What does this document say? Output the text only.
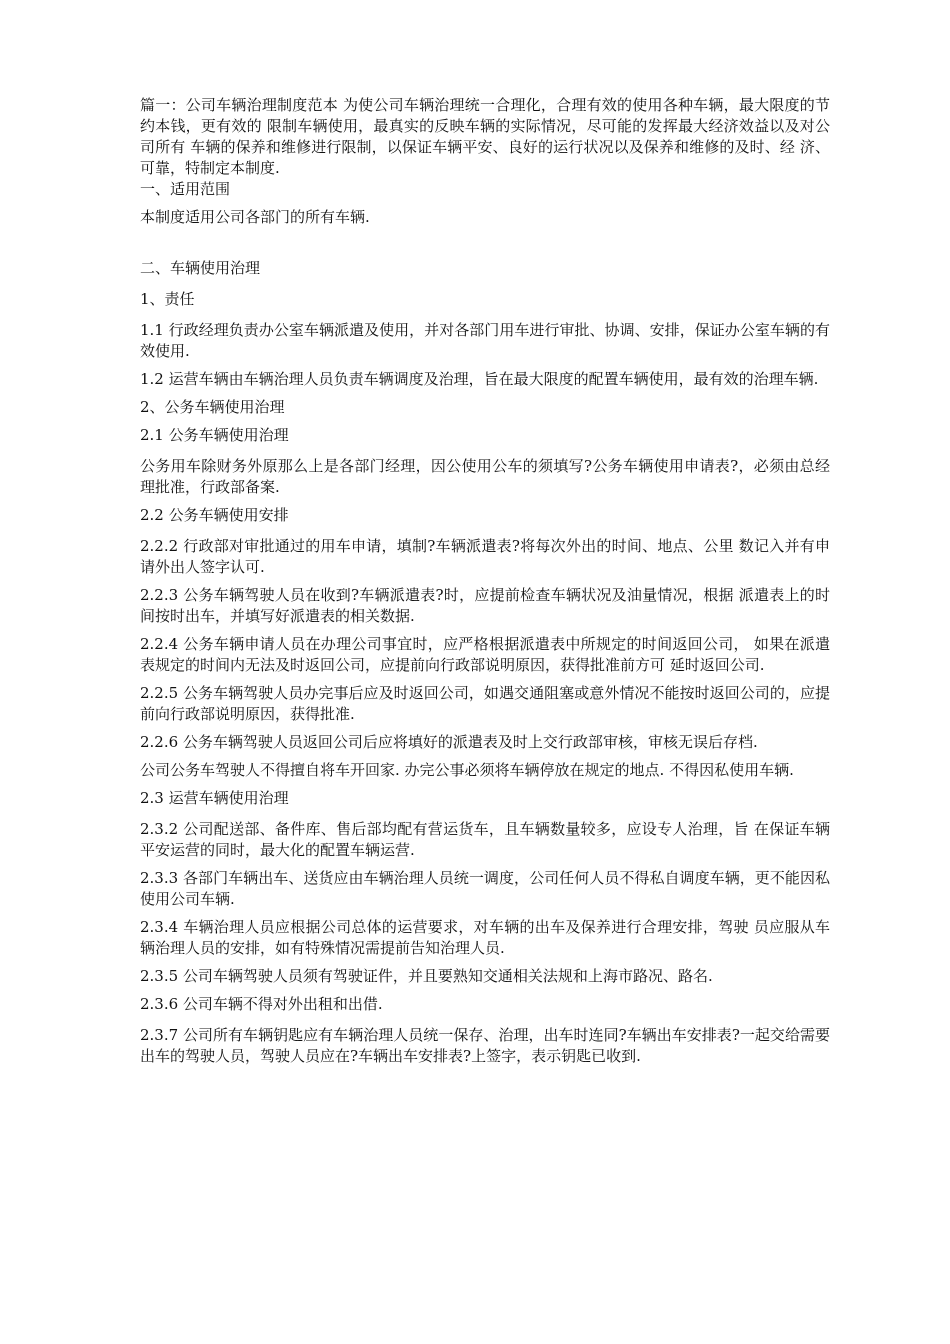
篇一：公司车辆治理制度范本 为使公司车辆治理统一合理化，合理有效的使用各种车辆，最大限度的节约本钱，更有效的 限制车辆使用，最真实的反映车辆的实际情况，尽可能的发挥最大经济效益以及对公司所有 车辆的保养和维修进行限制，以保证车辆平安、良好的运行状况以及保养和维修的及时、经 济、可靠，特制定本制度.

一、适用范围

本制度适用公司各部门的所有车辆.

二、车辆使用治理

1、责任

1.1 行政经理负责办公室车辆派遣及使用，并对各部门用车进行审批、协调、安排，保证办公室车辆的有效使用.

1.2 运营车辆由车辆治理人员负责车辆调度及治理，旨在最大限度的配置车辆使用，最有效的治理车辆.

2、公务车辆使用治理

2.1 公务车辆使用治理

公务用车除财务外原那么上是各部门经理，因公使用公车的须填写?公务车辆使用申请表?，必须由总经理批准，行政部备案.

2.2 公务车辆使用安排

2.2.2 行政部对审批通过的用车申请，填制?车辆派遣表?将每次外出的时间、地点、公里 数记入并有申请外出人签字认可.

2.2.3 公务车辆驾驶人员在收到?车辆派遣表?时，应提前检查车辆状况及油量情况，根据 派遣表上的时间按时出车，并填写好派遣表的相关数据.

2.2.4 公务车辆申请人员在办理公司事宜时，应严格根据派遣表中所规定的时间返回公司， 如果在派遣表规定的时间内无法及时返回公司，应提前向行政部说明原因，获得批准前方可 延时返回公司.

2.2.5 公务车辆驾驶人员办完事后应及时返回公司，如遇交通阻塞或意外情况不能按时返回公司的，应提前向行政部说明原因，获得批准.

2.2.6 公务车辆驾驶人员返回公司后应将填好的派遣表及时上交行政部审核，审核无误后存档.

公司公务车驾驶人不得擅自将车开回家. 办完公事必须将车辆停放在规定的地点. 不得因私使用车辆.

2.3 运营车辆使用治理

2.3.2 公司配送部、备件库、售后部均配有营运货车，且车辆数量较多，应设专人治理，旨 在保证车辆平安运营的同时，最大化的配置车辆运营.

2.3.3 各部门车辆出车、送货应由车辆治理人员统一调度，公司任何人员不得私自调度车辆，更不能因私使用公司车辆.

2.3.4 车辆治理人员应根据公司总体的运营要求，对车辆的出车及保养进行合理安排，驾驶 员应服从车辆治理人员的安排，如有特殊情况需提前告知治理人员.

2.3.5 公司车辆驾驶人员须有驾驶证件，并且要熟知交通相关法规和上海市路况、路名.

2.3.6 公司车辆不得对外出租和出借.

2.3.7 公司所有车辆钥匙应有车辆治理人员统一保存、治理，出车时连同?车辆出车安排表?一起交给需要出车的驾驶人员，驾驶人员应在?车辆出车安排表?上签字，表示钥匙已收到.
